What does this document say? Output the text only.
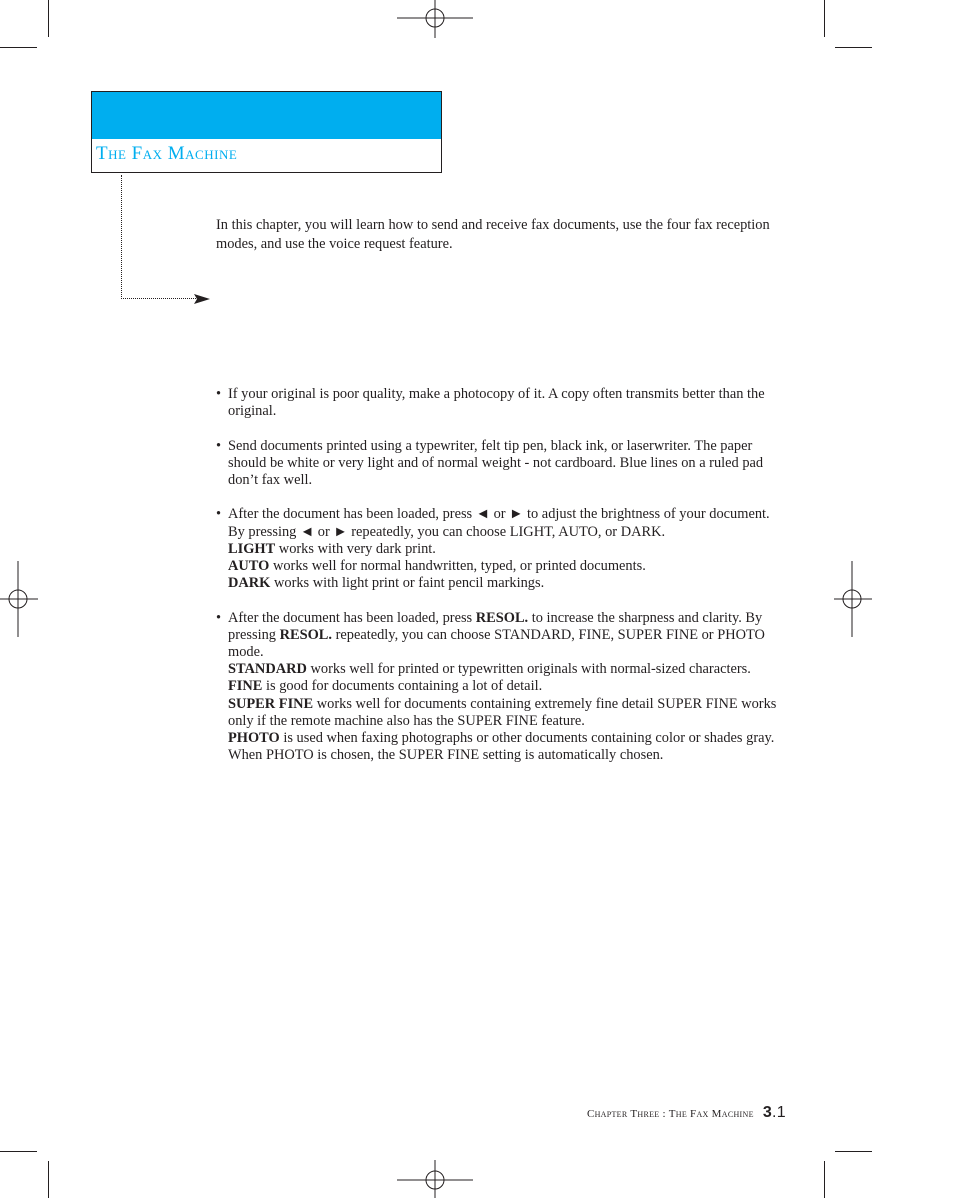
The Fax Machine
In this chapter, you will learn how to send and receive fax documents, use the four fax reception modes, and use the voice request feature.
• If your original is poor quality, make a photocopy of it. A copy often transmits better than the original.

• Send documents printed using a typewriter, felt tip pen, black ink, or laserwriter. The paper should be white or very light and of normal weight - not cardboard. Blue lines on a ruled pad don’t fax well.

• After the document has been loaded, press ◄ or ► to adjust the brightness of your document. By pressing ◄ or ► repeatedly, you can choose LIGHT, AUTO, or DARK.

LIGHT works with very dark print.

AUTO works well for normal handwritten, typed, or printed documents.

DARK works with light print or faint pencil markings.

• After the document has been loaded, press RESOL. to increase the sharpness and clarity. By pressing RESOL. repeatedly, you can choose STANDARD, FINE, SUPER FINE or PHOTO mode.

STANDARD works well for printed or typewritten originals with normal-sized characters.

FINE is good for documents containing a lot of detail.

SUPER FINE works well for documents containing extremely fine detail SUPER FINE works only if the remote machine also has the SUPER FINE feature.

PHOTO is used when faxing photographs or other documents containing color or shades gray. When PHOTO is chosen, the SUPER FINE setting is automatically chosen.

Chapter Three : The Fax Machine 3.1
